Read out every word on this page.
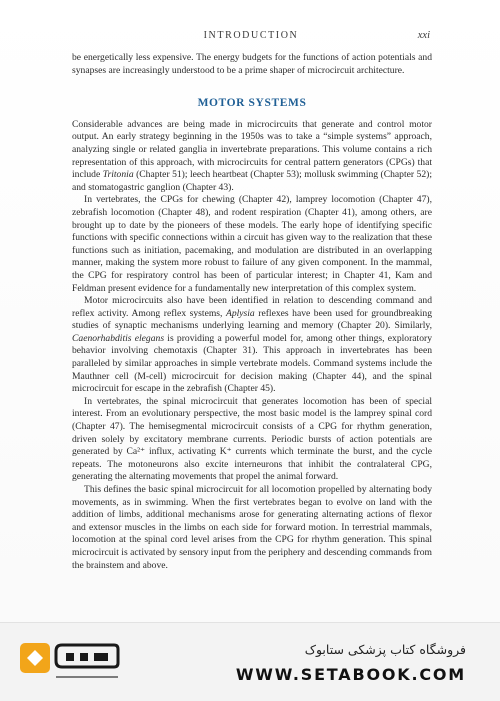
INTRODUCTION	xxi

be energetically less expensive. The energy budgets for the functions of action potentials and synapses are increasingly understood to be a prime shaper of microcircuit architecture.

MOTOR SYSTEMS

Considerable advances are being made in microcircuits that generate and control motor output. An early strategy beginning in the 1950s was to take a “simple systems” approach, analyzing single or related ganglia in invertebrate preparations. This volume contains a rich representation of this approach, with microcircuits for central pattern generators (CPGs) that include Tritonia (Chapter 51); leech heartbeat (Chapter 53); mollusk swimming (Chapter 52); and stomatogastric ganglion (Chapter 43).

In vertebrates, the CPGs for chewing (Chapter 42), lamprey locomotion (Chapter 47), zebrafish locomotion (Chapter 48), and rodent respiration (Chapter 41), among others, are brought up to date by the pioneers of these models. The early hope of identifying specific functions with specific connections within a circuit has given way to the realization that these functions such as initiation, pacemaking, and modulation are distributed in an overlapping manner, making the system more robust to failure of any given component. In the mammal, the CPG for respiratory control has been of particular interest; in Chapter 41, Kam and Feldman present evidence for a fundamentally new interpretation of this complex system.

Motor microcircuits also have been identified in relation to descending command and reflex activity. Among reflex systems, Aplysia reflexes have been used for groundbreaking studies of synaptic mechanisms underlying learning and memory (Chapter 20). Similarly, Caenorhabditis elegans is providing a powerful model for, among other things, exploratory behavior involving chemotaxis (Chapter 31). This approach in invertebrates has been paralleled by similar approaches in simple vertebrate models. Command systems include the Mauthner cell (M-cell) microcircuit for decision making (Chapter 44), and the spinal microcircuit for escape in the zebrafish (Chapter 45).

In vertebrates, the spinal microcircuit that generates locomotion has been of special interest. From an evolutionary perspective, the most basic model is the lamprey spinal cord (Chapter 47). The hemisegmental microcircuit consists of a CPG for rhythm generation, driven solely by excitatory membrane currents. Periodic bursts of action potentials are generated by Ca²⁺ influx, activating K⁺ currents which terminate the burst, and the cycle repeats. The motoneurons also excite interneurons that inhibit the contralateral CPG, generating the alternating movements that propel the animal forward.

This defines the basic spinal microcircuit for all locomotion propelled by alternating body movements, as in swimming. When the first vertebrates began to evolve on land with the addition of limbs, additional mechanisms arose for generating alternating actions of flexor and extensor muscles in the limbs on each side for forward motion. In terrestrial mammals, locomotion at the spinal cord level arises from the CPG for rhythm generation. This spinal microcircuit is activated by sensory input from the periphery and descending commands from the brainstem and above.

فروشگاه کتاب پزشکی ستابوک
WWW.SETABOOK.COM
